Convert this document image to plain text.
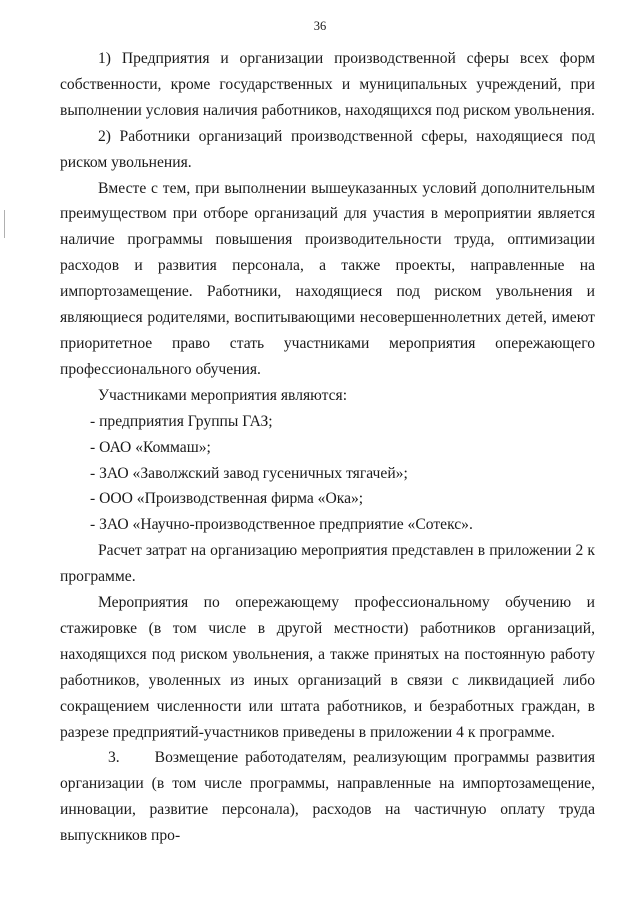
36

1) Предприятия и организации производственной сферы всех форм собственности, кроме государственных и муниципальных учреждений, при выполнении условия наличия работников, находящихся под риском увольнения.

2) Работники организаций производственной сферы, находящиеся под риском увольнения.

Вместе с тем, при выполнении вышеуказанных условий дополнительным преимуществом при отборе организаций для участия в мероприятии является наличие программы повышения производительности труда, оптимизации расходов и развития персонала, а также проекты, направленные на импортозамещение. Работники, находящиеся под риском увольнения и являющиеся родителями, воспитывающими несовершеннолетних детей, имеют приоритетное право стать участниками мероприятия опережающего профессионального обучения.

Участниками мероприятия являются:

- предприятия Группы ГАЗ;

- ОАО «Коммаш»;

- ЗАО «Заволжский завод гусеничных тягачей»;

- ООО «Производственная фирма «Ока»;

- ЗАО «Научно-производственное предприятие «Сотекс».

Расчет затрат на организацию мероприятия представлен в приложении 2 к программе.

Мероприятия по опережающему профессиональному обучению и стажировке (в том числе в другой местности) работников организаций, находящихся под риском увольнения, а также принятых на постоянную работу работников, уволенных из иных организаций в связи с ликвидацией либо сокращением численности или штата работников, и безработных граждан, в разрезе предприятий-участников приведены в приложении 4 к программе.

3.     Возмещение работодателям, реализующим программы развития организации (в том числе программы, направленные на импортозамещение, инновации, развитие персонала), расходов на частичную оплату труда выпускников про-
